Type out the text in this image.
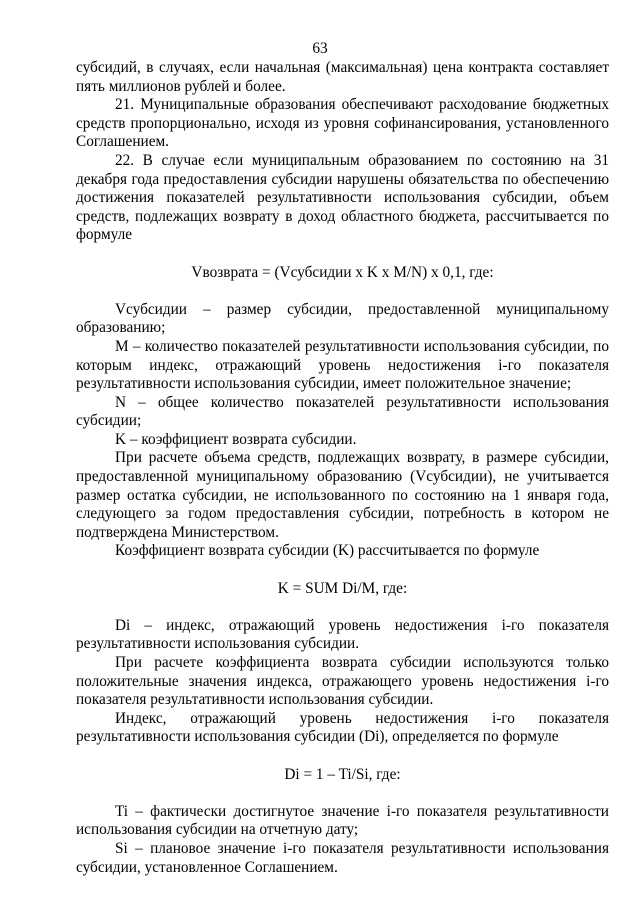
63

субсидий, в случаях, если начальная (максимальная) цена контракта составляет пять миллионов рублей и более.

21. Муниципальные образования обеспечивают расходование бюджетных средств пропорционально, исходя из уровня софинансирования, установленного Соглашением.

22. В случае если муниципальным образованием по состоянию на 31 декабря года предоставления субсидии нарушены обязательства по обеспечению достижения показателей результативности использования субсидии, объем средств, подлежащих возврату в доход областного бюджета, рассчитывается по формуле

Vвозврата = (Vсубсидии x K x M/N) x 0,1, где:

Vсубсидии – размер субсидии, предоставленной муниципальному образованию;

M – количество показателей результативности использования субсидии, по которым индекс, отражающий уровень недостижения i-го показателя результативности использования субсидии, имеет положительное значение;

N – общее количество показателей результативности использования субсидии;

K – коэффициент возврата субсидии.

При расчете объема средств, подлежащих возврату, в размере субсидии, предоставленной муниципальному образованию (Vсубсидии), не учитывается размер остатка субсидии, не использованного по состоянию на 1 января года, следующего за годом предоставления субсидии, потребность в котором не подтверждена Министерством.

Коэффициент возврата субсидии (K) рассчитывается по формуле

K = SUM Di/M, где:

Di – индекс, отражающий уровень недостижения i-го показателя результативности использования субсидии.

При расчете коэффициента возврата субсидии используются только положительные значения индекса, отражающего уровень недостижения i-го показателя результативности использования субсидии.

Индекс, отражающий уровень недостижения i-го показателя результативности использования субсидии (Di), определяется по формуле

Di = 1 – Ti/Si, где:

Ti – фактически достигнутое значение i-го показателя результативности использования субсидии на отчетную дату;

Si – плановое значение i-го показателя результативности использования субсидии, установленное Соглашением.
